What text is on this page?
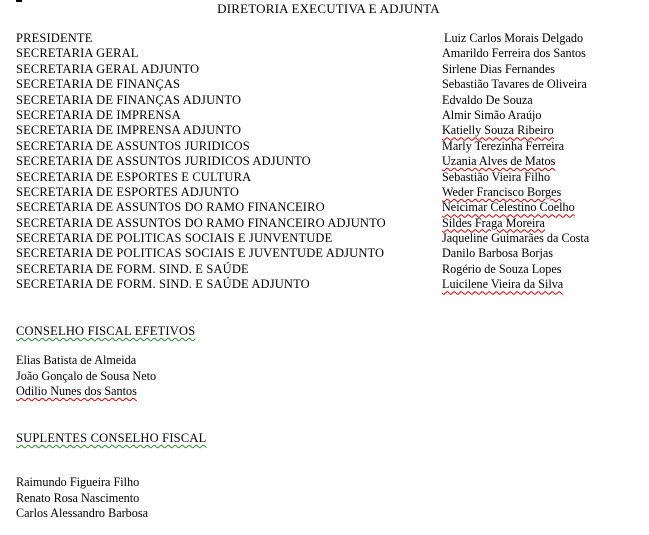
DIRETORIA EXECUTIVA E ADJUNTA
PRESIDENTE	Luiz Carlos Morais Delgado
SECRETARIA GERAL	Amarildo Ferreira dos Santos
SECRETARIA GERAL ADJUNTO	Sirlene Dias Fernandes
SECRETARIA DE FINANÇAS	Sebastião Tavares de Oliveira
SECRETARIA DE FINANÇAS ADJUNTO	Edvaldo De Souza
SECRETARIA DE IMPRENSA	Almir Simão Araújo
SECRETARIA DE IMPRENSA ADJUNTO	Katielly Souza Ribeiro
SECRETARIA DE ASSUNTOS JURIDICOS	Marly Terezinha Ferreira
SECRETARIA DE ASSUNTOS JURIDICOS ADJUNTO	Uzania Alves de Matos
SECRETARIA DE ESPORTES E CULTURA	Sebastião Vieira Filho
SECRETARIA DE ESPORTES ADJUNTO	Weder Francisco Borges
SECRETARIA DE ASSUNTOS DO RAMO FINANCEIRO	Neicimar Celestino Coelho
SECRETARIA DE ASSUNTOS DO RAMO FINANCEIRO ADJUNTO	Sildes Fraga Moreira
SECRETARIA DE POLITICAS SOCIAIS E JUNVENTUDE	Jaqueline Guimarães da Costa
SECRETARIA DE POLITICAS SOCIAIS E JUVENTUDE ADJUNTO	Danilo Barbosa Borjas
SECRETARIA DE FORM. SIND. E SAÚDE	Rogério de Souza Lopes
SECRETARIA DE FORM. SIND. E SAÚDE ADJUNTO	Luicilene Vieira da Silva
CONSELHO FISCAL EFETIVOS
Elias Batista de Almeida
João Gonçalo de Sousa Neto
Odilio Nunes dos Santos
SUPLENTES CONSELHO FISCAL
Raimundo Figueira Filho
Renato Rosa Nascimento
Carlos Alessandro Barbosa
